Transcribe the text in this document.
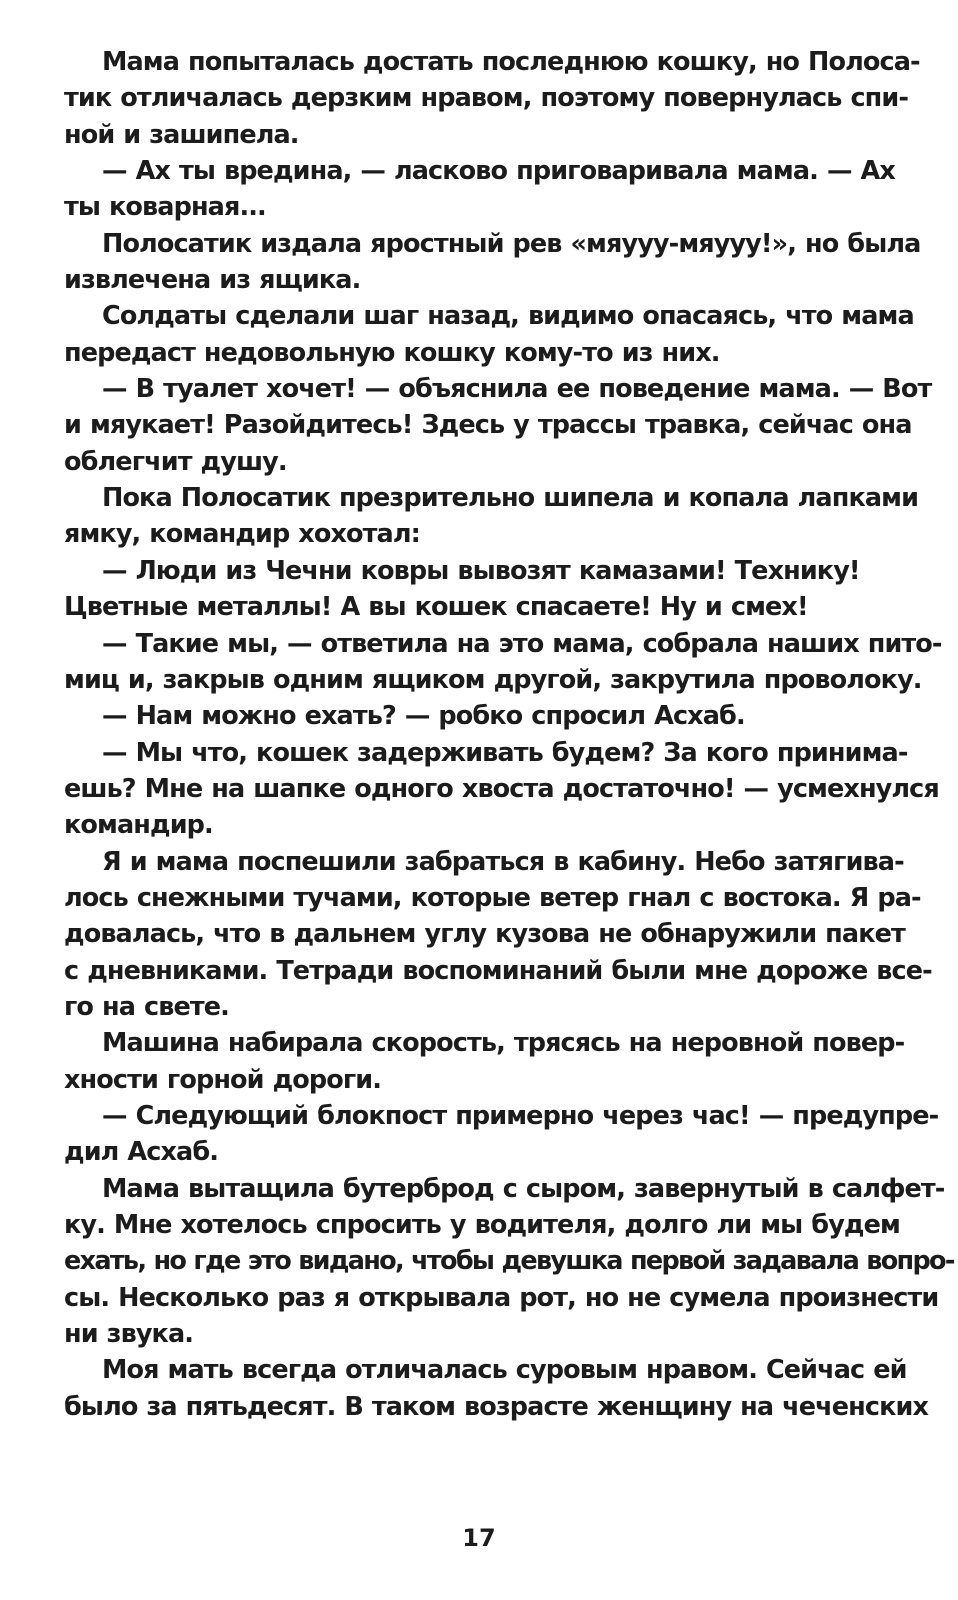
Мама попыталась достать последнюю кошку, но Полоса-
тик отличалась дерзким нравом, поэтому повернулась спи-
ной и зашипела.
— Ах ты вредина, — ласково приговаривала мама. — Ах
ты коварная...
Полосатик издала яростный рев «мяууу-мяууу!», но была
извлечена из ящика.
Солдаты сделали шаг назад, видимо опасаясь, что мама
передаст недовольную кошку кому-то из них.
— В туалет хочет! — объяснила ее поведение мама. — Вот
и мяукает! Разойдитесь! Здесь у трассы травка, сейчас она
облегчит душу.
Пока Полосатик презрительно шипела и копала лапками
ямку, командир хохотал:
— Люди из Чечни ковры вывозят камазами! Технику!
Цветные металлы! А вы кошек спасаете! Ну и смех!
— Такие мы, — ответила на это мама, собрала наших пито-
миц и, закрыв одним ящиком другой, закрутила проволоку.
— Нам можно ехать? — робко спросил Асхаб.
— Мы что, кошек задерживать будем? За кого принима-
ешь? Мне на шапке одного хвоста достаточно! — усмехнулся
командир.
Я и мама поспешили забраться в кабину. Небо затягива-
лось снежными тучами, которые ветер гнал с востока. Я ра-
довалась, что в дальнем углу кузова не обнаружили пакет
с дневниками. Тетради воспоминаний были мне дороже все-
го на свете.
Машина набирала скорость, трясясь на неровной повер-
хности горной дороги.
— Следующий блокпост примерно через час! — предупре-
дил Асхаб.
Мама вытащила бутерброд с сыром, завернутый в салфет-
ку. Мне хотелось спросить у водителя, долго ли мы будем
ехать, но где это видано, чтобы девушка первой задавала вопро-
сы. Несколько раз я открывала рот, но не сумела произнести
ни звука.
Моя мать всегда отличалась суровым нравом. Сейчас ей
было за пятьдесят. В таком возрасте женщину на чеченских
17
